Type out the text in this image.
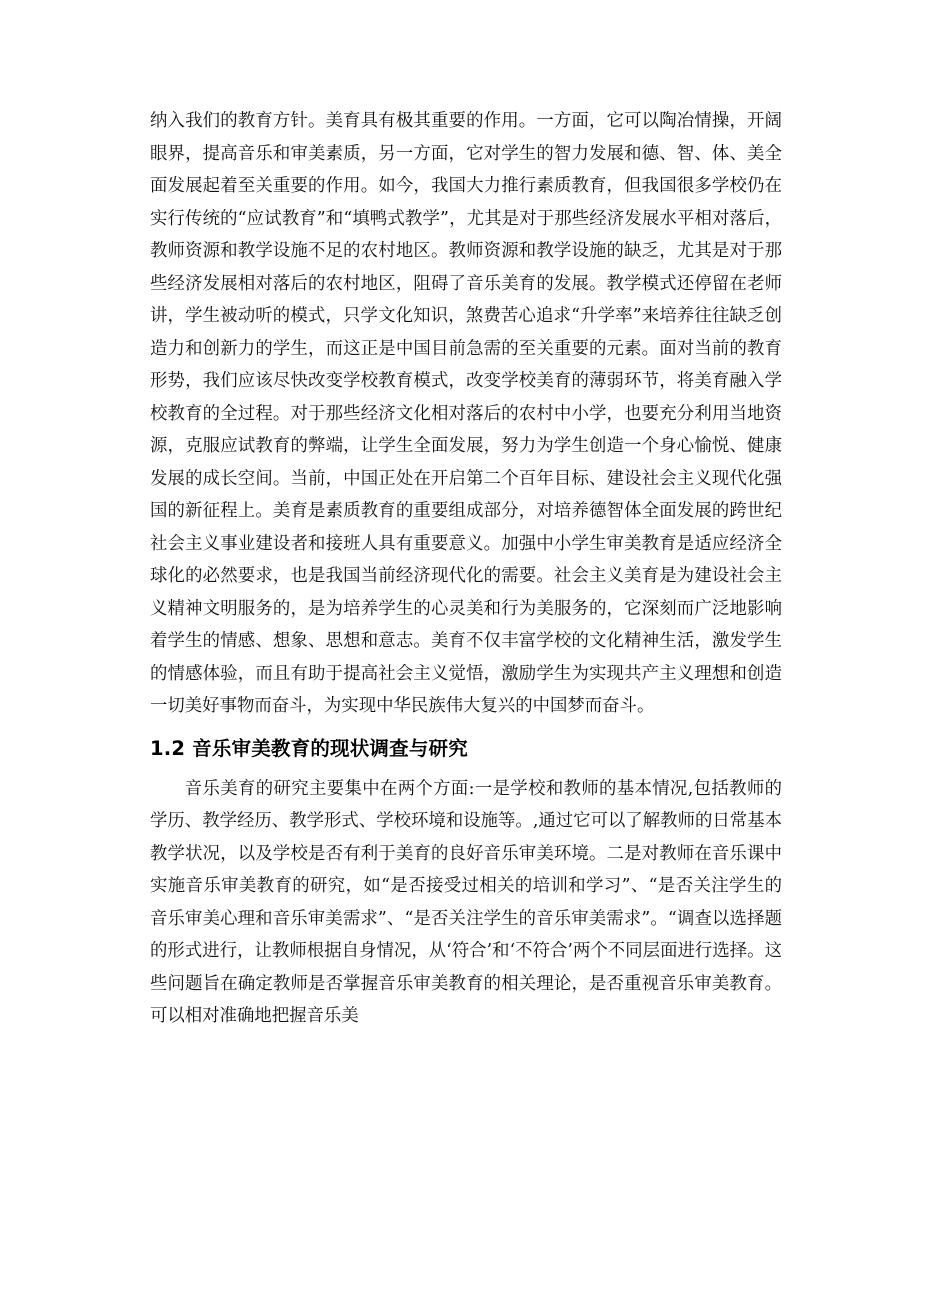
纳入我们的教育方针。美育具有极其重要的作用。一方面，它可以陶冶情操，开阔眼界，提高音乐和审美素质，另一方面，它对学生的智力发展和德、智、体、美全面发展起着至关重要的作用。如今，我国大力推行素质教育，但我国很多学校仍在实行传统的“应试教育”和“填鸭式教学”，尤其是对于那些经济发展水平相对落后，教师资源和教学设施不足的农村地区。教师资源和教学设施的缺乏，尤其是对于那些经济发展相对落后的农村地区，阻碍了音乐美育的发展。教学模式还停留在老师讲，学生被动听的模式，只学文化知识，煞费苦心追求“升学率”来培养往往缺乏创造力和创新力的学生，而这正是中国目前急需的至关重要的元素。面对当前的教育形势，我们应该尽快改变学校教育模式，改变学校美育的薄弱环节，将美育融入学校教育的全过程。对于那些经济文化相对落后的农村中小学，也要充分利用当地资源，克服应试教育的弊端，让学生全面发展，努力为学生创造一个身心愉悦、健康发展的成长空间。当前，中国正处在开启第二个百年目标、建设社会主义现代化强国的新征程上。美育是素质教育的重要组成部分，对培养德智体全面发展的跨世纪社会主义事业建设者和接班人具有重要意义。加强中小学生审美教育是适应经济全球化的必然要求，也是我国当前经济现代化的需要。社会主义美育是为建设社会主义精神文明服务的，是为培养学生的心灵美和行为美服务的，它深刻而广泛地影响着学生的情感、想象、思想和意志。美育不仅丰富学校的文化精神生活，激发学生的情感体验，而且有助于提高社会主义觉悟，激励学生为实现共产主义理想和创造一切美好事物而奋斗，为实现中华民族伟大复兴的中国梦而奋斗。

1.2 音乐审美教育的现状调查与研究

音乐美育的研究主要集中在两个方面:一是学校和教师的基本情况,包括教师的学历、教学经历、教学形式、学校环境和设施等。,通过它可以了解教师的日常基本教学状况，以及学校是否有利于美育的良好音乐审美环境。二是对教师在音乐课中实施音乐审美教育的研究，如“是否接受过相关的培训和学习”、“是否关注学生的音乐审美心理和音乐审美需求”、“是否关注学生的音乐审美需求”。“调查以选择题的形式进行，让教师根据自身情况，从‘符合’和‘不符合’两个不同层面进行选择。这些问题旨在确定教师是否掌握音乐审美教育的相关理论，是否重视音乐审美教育。可以相对准确地把握音乐美
